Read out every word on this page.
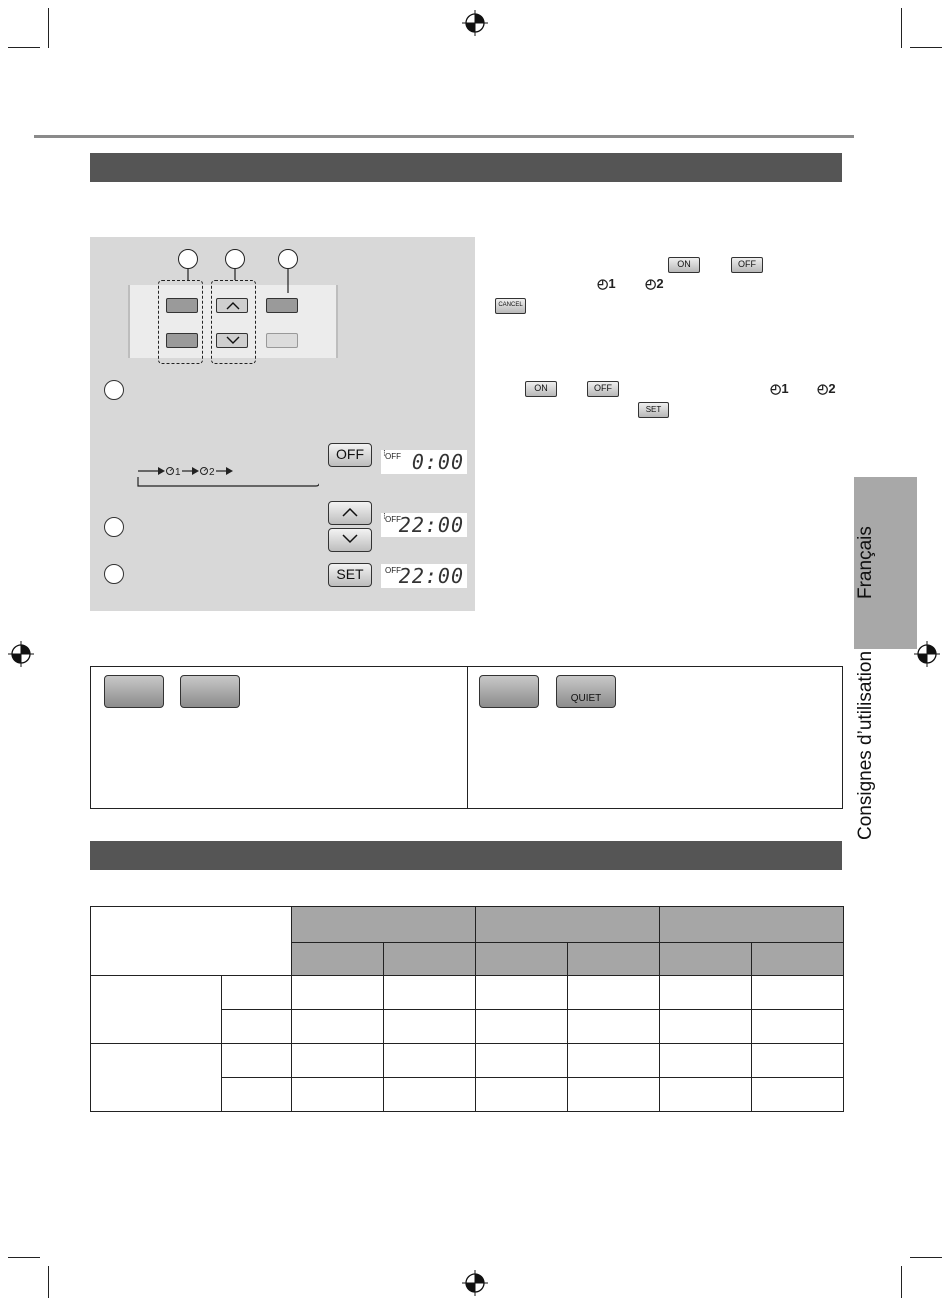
1	2
OFF	⁝ OFF 0:00
⁝ OFF
22:00
SET	OFF
22:00
ON	OFF
◴1 ◴2
CANCEL
ON	OFF	◴1 ◴2
SET
QUIET

Français
Consignes d’utilisation
